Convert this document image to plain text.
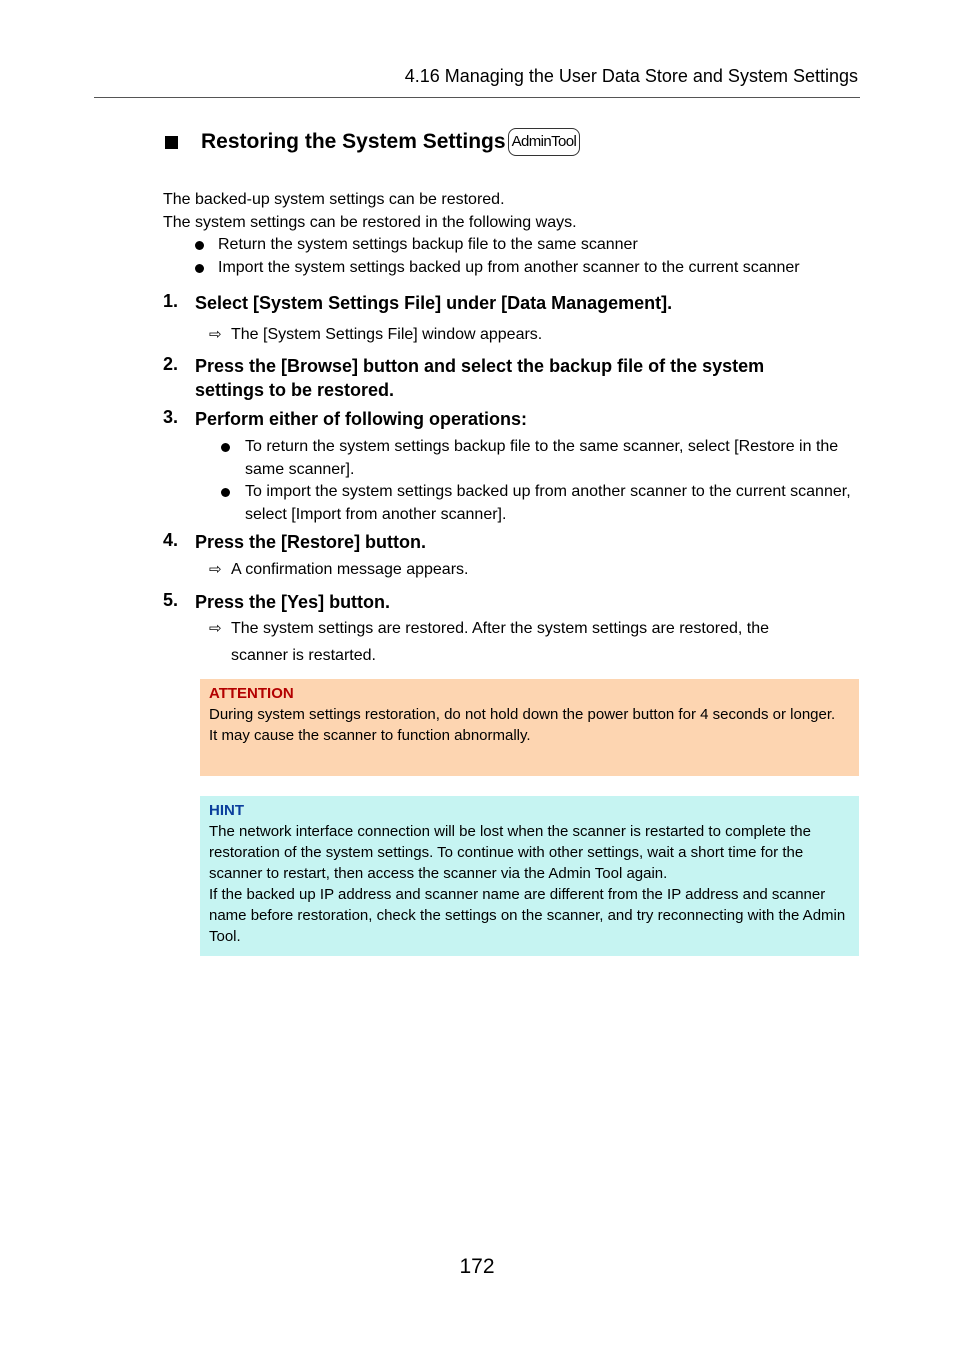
4.16 Managing the User Data Store and System Settings
Restoring the System Settings AdminTool

The backed-up system settings can be restored.

The system settings can be restored in the following ways.

Return the system settings backup file to the same scanner
Import the system settings backed up from another scanner to the current scanner
1. Select [System Settings File] under [Data Management].
⇨ The [System Settings File] window appears.
2. Press the [Browse] button and select the backup file of the system settings to be restored.
3. Perform either of following operations:
To return the system settings backup file to the same scanner, select [Restore in the same scanner].
To import the system settings backed up from another scanner to the current scanner, select [Import from another scanner].
4. Press the [Restore] button.
⇨ A confirmation message appears.
5. Press the [Yes] button.
⇨ The system settings are restored. After the system settings are restored, the
scanner is restarted.
ATTENTION

During system settings restoration, do not hold down the power button for 4 seconds or longer.

It may cause the scanner to function abnormally.

HINT

The network interface connection will be lost when the scanner is restarted to complete the restoration of the system settings. To continue with other settings, wait a short time for the scanner to restart, then access the scanner via the Admin Tool again.

If the backed up IP address and scanner name are different from the IP address and scanner name before restoration, check the settings on the scanner, and try reconnecting with the Admin Tool.

172
